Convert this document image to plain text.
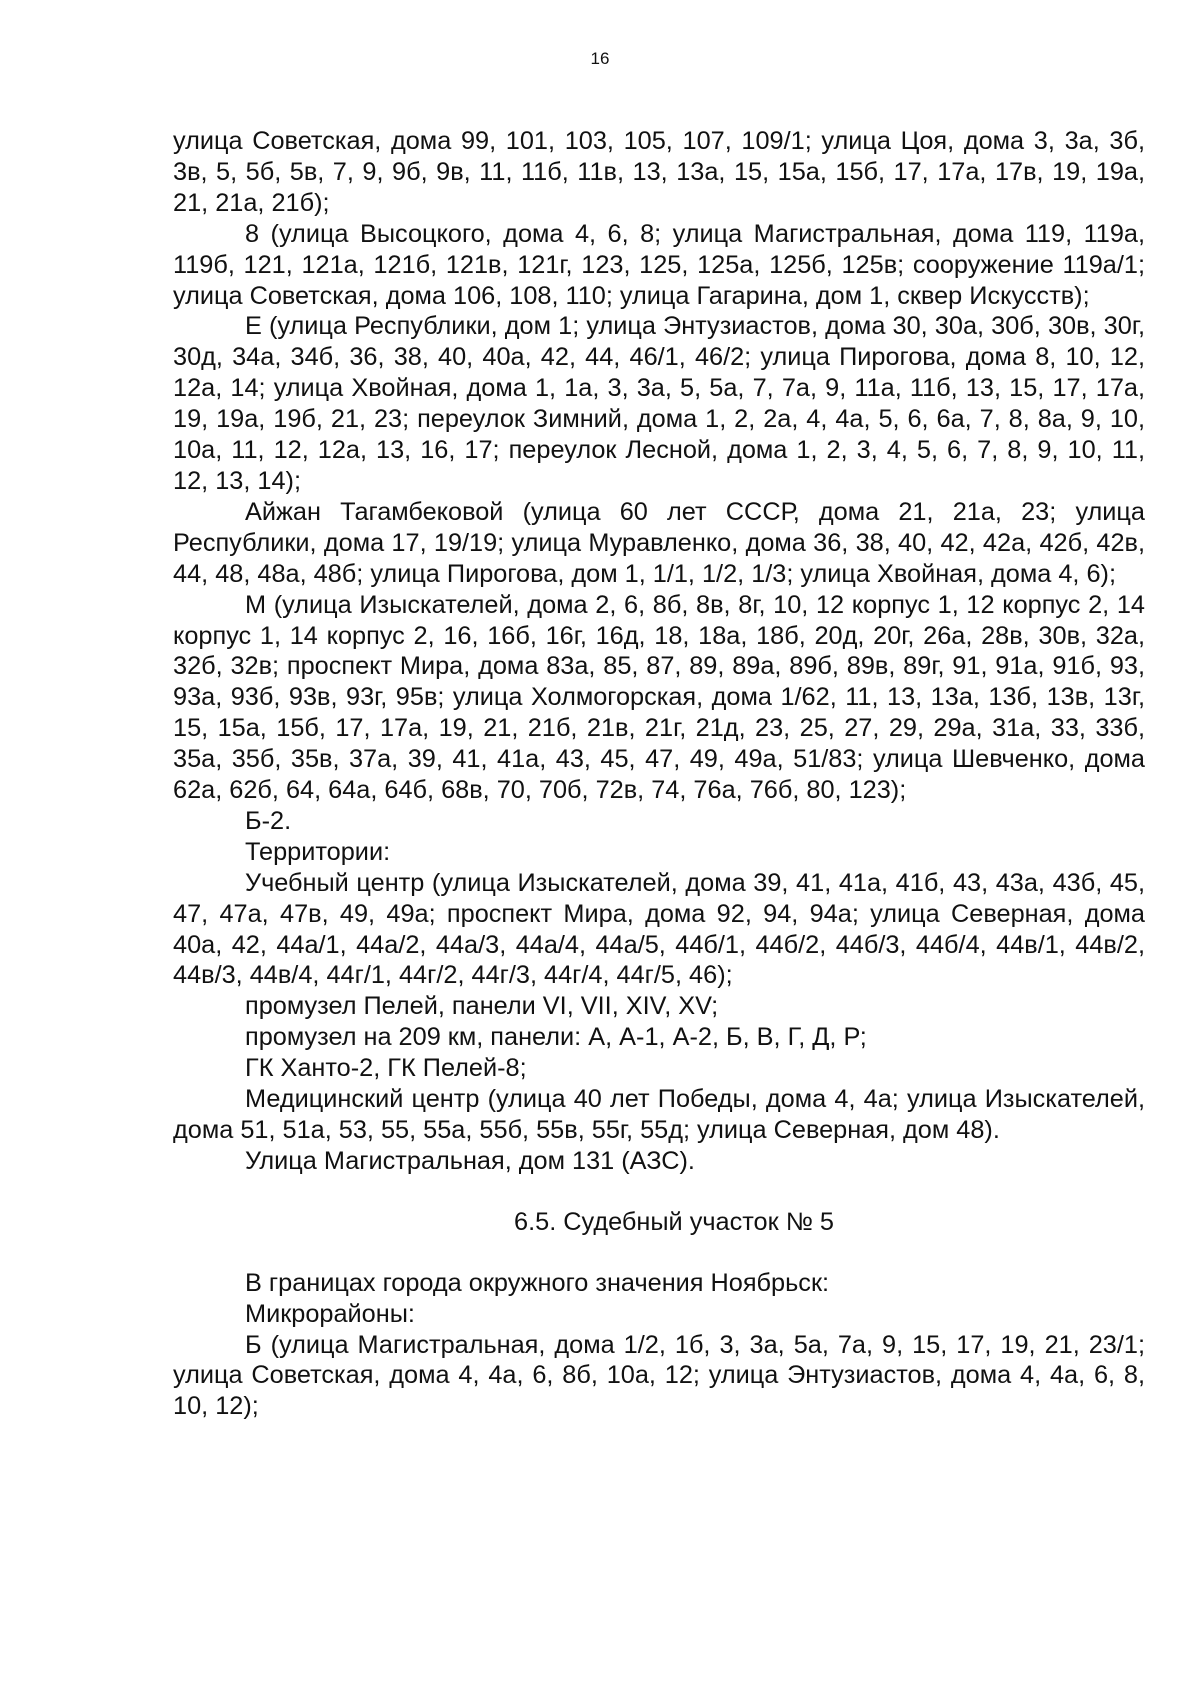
16

улица Советская, дома 99, 101, 103, 105, 107, 109/1; улица Цоя, дома 3, 3а, 3б, 3в, 5, 5б, 5в, 7, 9, 9б, 9в, 11, 11б, 11в, 13, 13а, 15, 15а, 15б, 17, 17а, 17в, 19, 19а, 21, 21а, 21б);

8 (улица Высоцкого, дома 4, 6, 8; улица Магистральная, дома 119, 119а, 119б, 121, 121а, 121б, 121в, 121г, 123, 125, 125а, 125б, 125в; сооружение 119а/1; улица Советская, дома 106, 108, 110; улица Гагарина, дом 1, сквер Искусств);

Е (улица Республики, дом 1; улица Энтузиастов, дома 30, 30а, 30б, 30в, 30г, 30д, 34а, 34б, 36, 38, 40, 40а, 42, 44, 46/1, 46/2; улица Пирогова, дома 8, 10, 12, 12а, 14; улица Хвойная, дома 1, 1а, 3, 3а, 5, 5а, 7, 7а, 9, 11а, 11б, 13, 15, 17, 17а, 19, 19а, 19б, 21, 23; переулок Зимний, дома 1, 2, 2а, 4, 4а, 5, 6, 6а, 7, 8, 8а, 9, 10, 10а, 11, 12, 12а, 13, 16, 17; переулок Лесной, дома 1, 2, 3, 4, 5, 6, 7, 8, 9, 10, 11, 12, 13, 14);

Айжан Тагамбековой (улица 60 лет СССР, дома 21, 21а, 23; улица Республики, дома 17, 19/19; улица Муравленко, дома 36, 38, 40, 42, 42а, 42б, 42в, 44, 48, 48а, 48б; улица Пирогова, дом 1, 1/1, 1/2, 1/3; улица Хвойная, дома 4, 6);

М (улица Изыскателей, дома 2, 6, 8б, 8в, 8г, 10, 12 корпус 1, 12 корпус 2, 14 корпус 1, 14 корпус 2, 16, 16б, 16г, 16д, 18, 18а, 18б, 20д, 20г, 26а, 28в, 30в, 32а, 32б, 32в; проспект Мира, дома 83а, 85, 87, 89, 89а, 89б, 89в, 89г, 91, 91а, 91б, 93, 93а, 93б, 93в, 93г, 95в; улица Холмогорская, дома 1/62, 11, 13, 13а, 13б, 13в, 13г, 15, 15а, 15б, 17, 17а, 19, 21, 21б, 21в, 21г, 21д, 23, 25, 27, 29, 29а, 31а, 33, 33б, 35а, 35б, 35в, 37а, 39, 41, 41а, 43, 45, 47, 49, 49а, 51/83; улица Шевченко, дома 62а, 62б, 64, 64а, 64б, 68в, 70, 70б, 72в, 74, 76а, 76б, 80, 123);

Б-2.

Территории:

Учебный центр (улица Изыскателей, дома 39, 41, 41а, 41б, 43, 43а, 43б, 45, 47, 47а, 47в, 49, 49а; проспект Мира, дома 92, 94, 94а; улица Северная, дома 40а, 42, 44а/1, 44а/2, 44а/3, 44а/4, 44а/5, 44б/1, 44б/2, 44б/3, 44б/4, 44в/1, 44в/2, 44в/3, 44в/4, 44г/1, 44г/2, 44г/3, 44г/4, 44г/5, 46);

промузел Пелей, панели VI, VII, XIV, XV;

промузел на 209 км, панели: А, А-1, А-2, Б, В, Г, Д, Р;

ГК Ханто-2, ГК Пелей-8;

Медицинский центр (улица 40 лет Победы, дома 4, 4а; улица Изыскателей, дома 51, 51а, 53, 55, 55а, 55б, 55в, 55г, 55д; улица Северная, дом 48).

Улица Магистральная, дом 131 (АЗС).

6.5. Судебный участок № 5

В границах города окружного значения Ноябрьск:

Микрорайоны:

Б (улица Магистральная, дома 1/2, 1б, 3, 3а, 5а, 7а, 9, 15, 17, 19, 21, 23/1; улица Советская, дома 4, 4а, 6, 8б, 10а, 12; улица Энтузиастов, дома 4, 4а, 6, 8, 10, 12);
